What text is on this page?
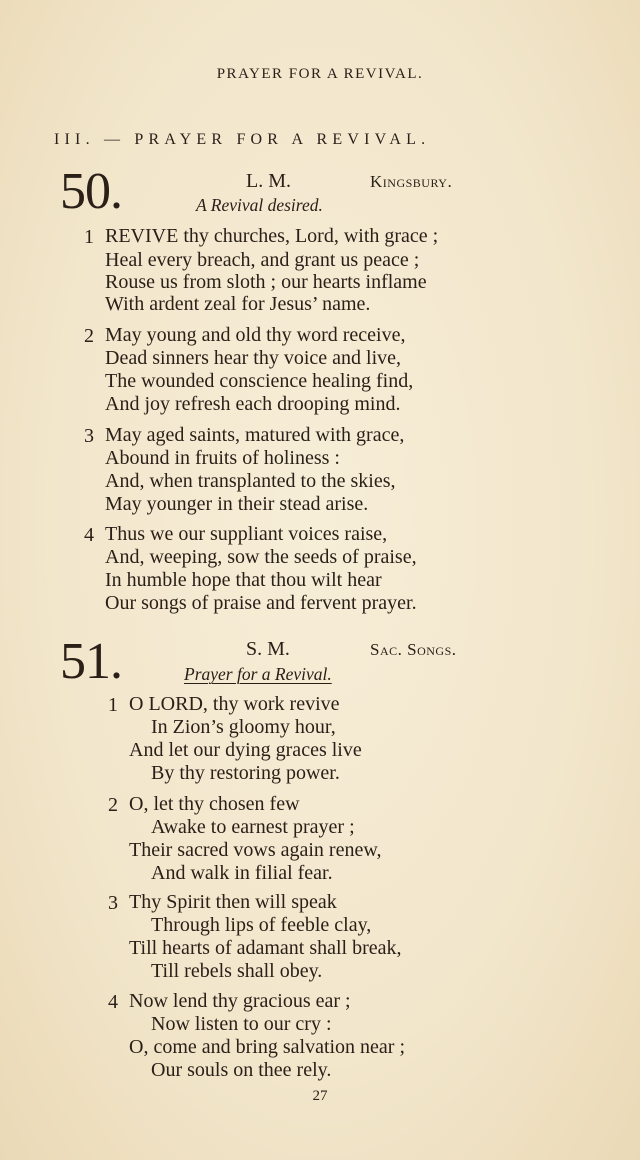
PRAYER FOR A REVIVAL.
III. — PRAYER FOR A REVIVAL.
50.	L. M.	Kingsbury.
A Revival desired.
1 REVIVE thy churches, Lord, with grace ;
Heal every breach, and grant us peace ;
Rouse us from sloth ; our hearts inflame
With ardent zeal for Jesus’ name.
2 May young and old thy word receive,
Dead sinners hear thy voice and live,
The wounded conscience healing find,
And joy refresh each drooping mind.
3 May aged saints, matured with grace,
Abound in fruits of holiness :
And, when transplanted to the skies,
May younger in their stead arise.
4 Thus we our suppliant voices raise,
And, weeping, sow the seeds of praise,
In humble hope that thou wilt hear
Our songs of praise and fervent prayer.
51.	S. M.	Sac. Songs.
Prayer for a Revival.
1 O LORD, thy work revive
In Zion’s gloomy hour,
And let our dying graces live
By thy restoring power.
2 O, let thy chosen few
Awake to earnest prayer ;
Their sacred vows again renew,
And walk in filial fear.
3 Thy Spirit then will speak
Through lips of feeble clay,
Till hearts of adamant shall break,
Till rebels shall obey.
4 Now lend thy gracious ear ;
Now listen to our cry :
O, come and bring salvation near ;
Our souls on thee rely.
27
